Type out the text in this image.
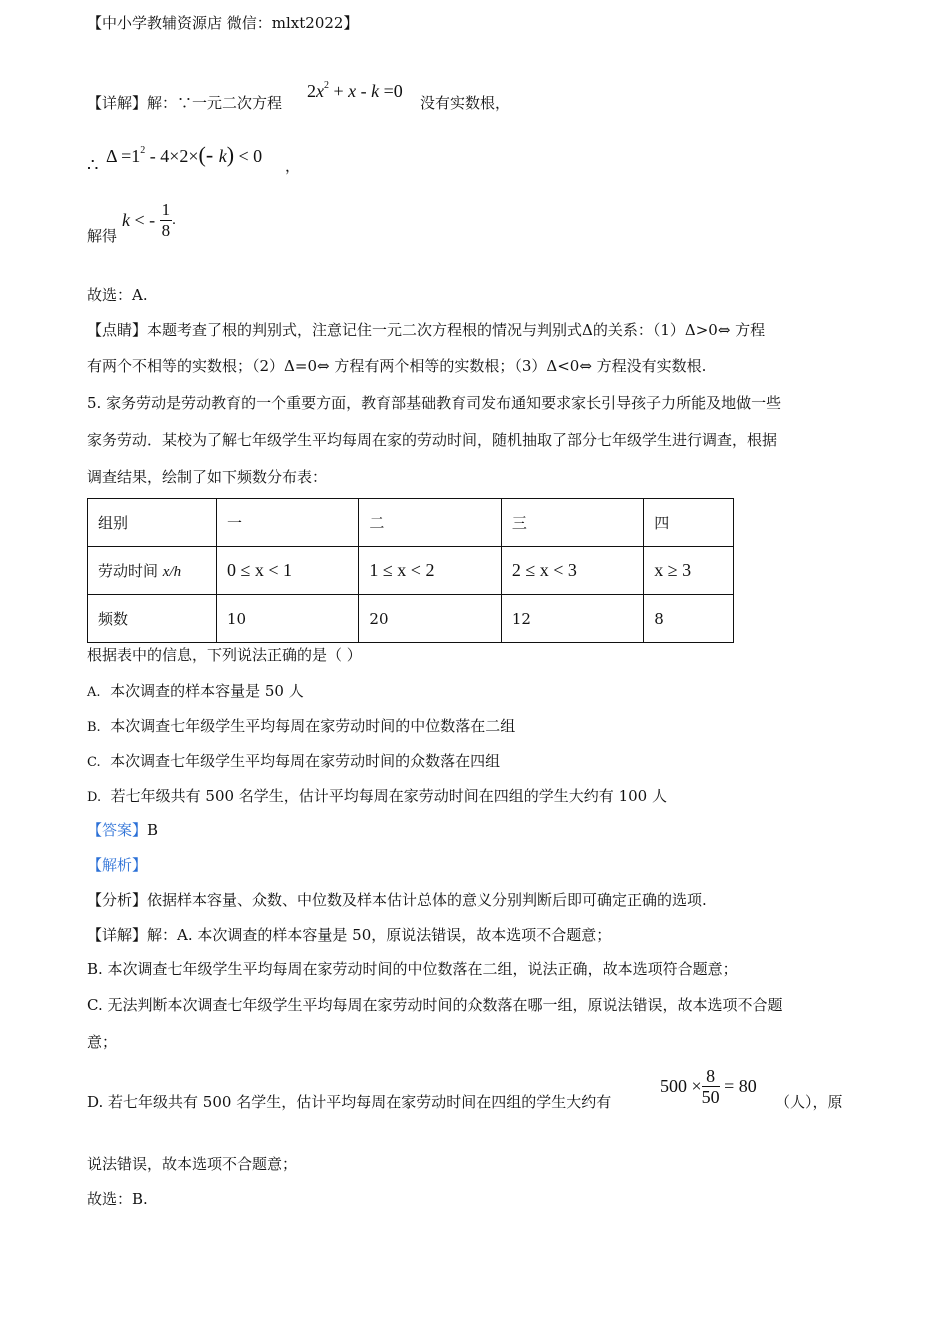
【中小学教辅资源店 微信：mlxt2022】
【详解】解：∵一元二次方程
$2x^2 + x - k =0$
没有实数根，
∴ $\Delta =1^2 - 4\times 2\times(-$ k) < 0 ，
解得
k < - $\frac{1}{8}$ .
故选：A.
【点睛】本题考查了根的判别式，注意记住一元二次方程根的情况与判别式Δ的关系：（1）Δ>0⇔ 方程
有两个不相等的实数根；（2）Δ=0⇔ 方程有两个相等的实数根；（3）Δ<0⇔ 方程没有实数根.
5. 家务劳动是劳动教育的一个重要方面，教育部基础教育司发布通知要求家长引导孩子力所能及地做一些
家务劳动．某校为了解七年级学生平均每周在家的劳动时间，随机抽取了部分七年级学生进行调查，根据
调查结果，绘制了如下频数分布表：
组别	一	二	三	四
劳动时间 x/h	0 ≤ x < 1	1 ≤ x < 2	2 ≤ x < 3	x ≥ 3
频数	10	20	12	8
根据表中的信息，下列说法正确的是（ ）
A. 本次调查的样本容量是 50 人
B. 本次调查七年级学生平均每周在家劳动时间的中位数落在二组
C. 本次调查七年级学生平均每周在家劳动时间的众数落在四组
D. 若七年级共有 500 名学生，估计平均每周在家劳动时间在四组的学生大约有 100 人
【答案】B
【解析】
【分析】依据样本容量、众数、中位数及样本估计总体的意义分别判断后即可确定正确的选项.
【详解】解：A. 本次调查的样本容量是 50，原说法错误，故本选项不合题意；
B. 本次调查七年级学生平均每周在家劳动时间的中位数落在二组，说法正确，故本选项符合题意；
C. 无法判断本次调查七年级学生平均每周在家劳动时间的众数落在哪一组，原说法错误，故本选项不合题
意；
D. 若七年级共有 500 名学生，估计平均每周在家劳动时间在四组的学生大约有
$500 \times \frac{8}{50} = 80$
（人），原
说法错误，故本选项不合题意；
故选：B.
